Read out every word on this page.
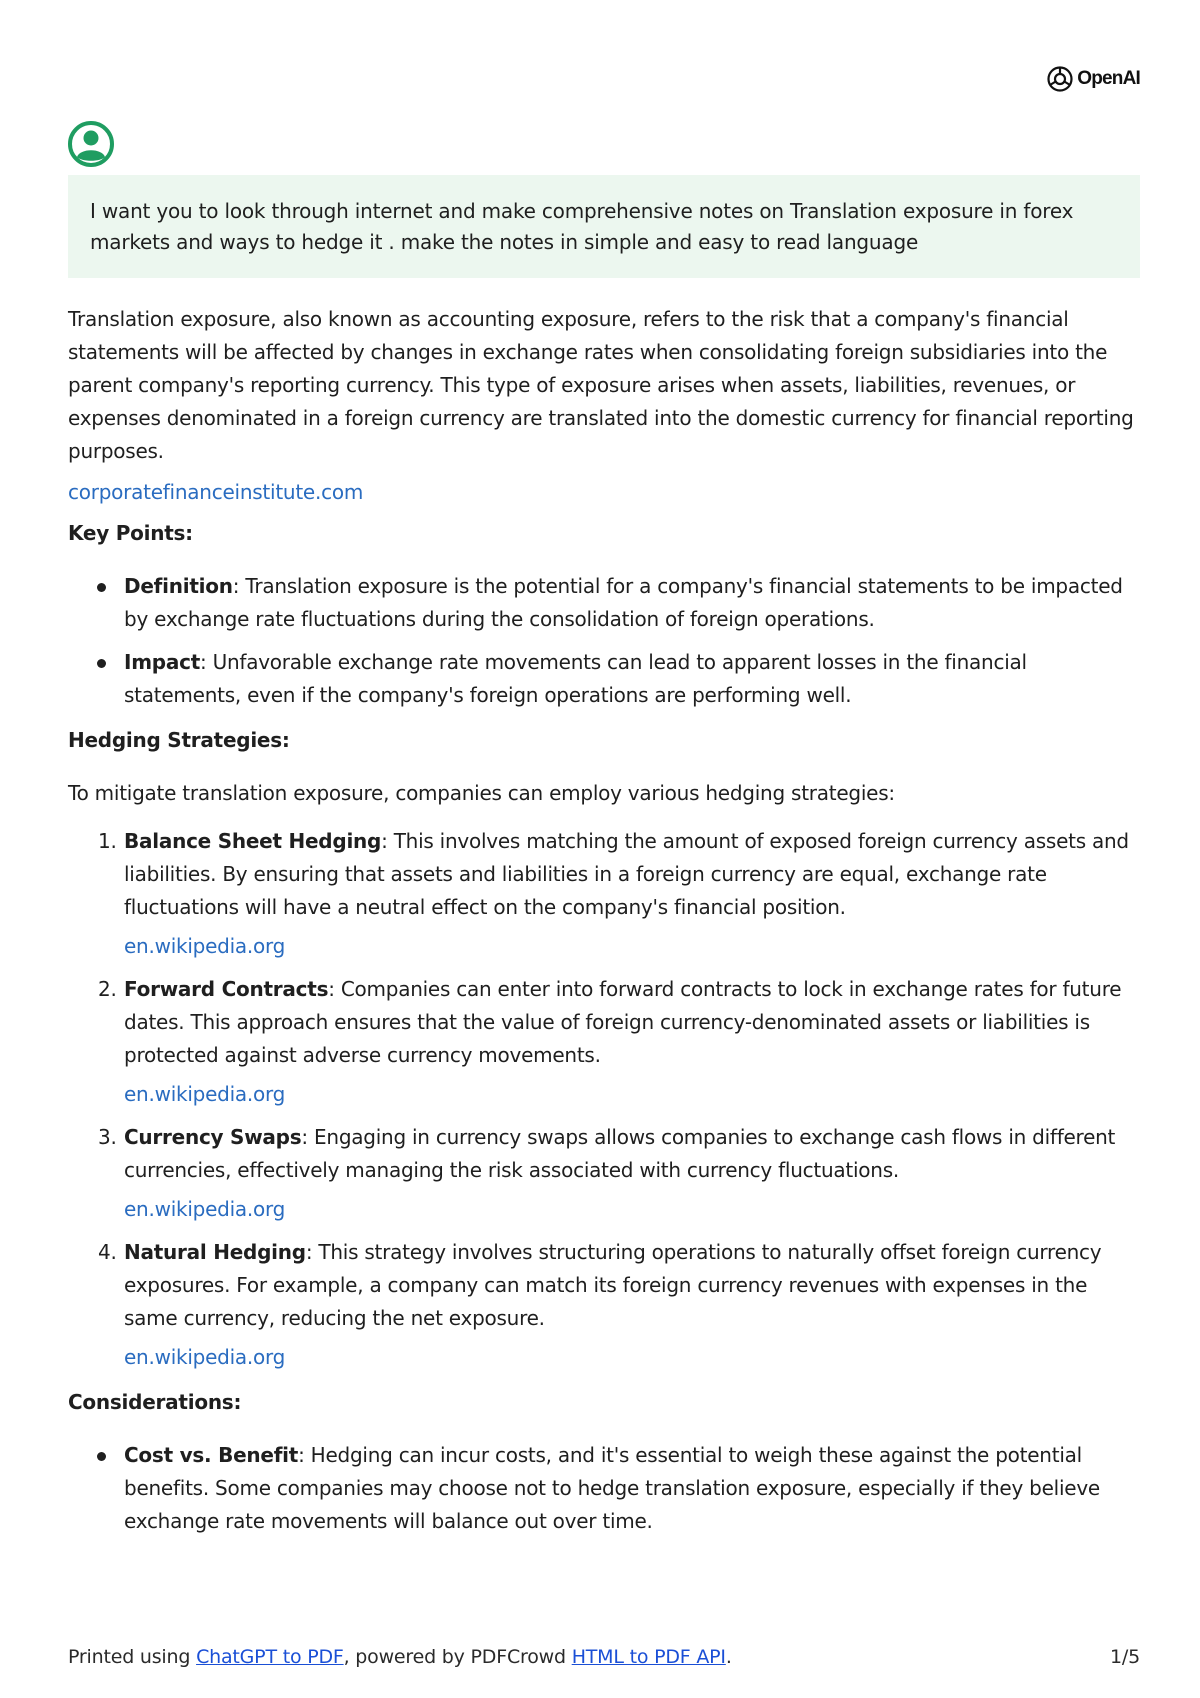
OpenAI
I want you to look through internet and make comprehensive notes on Translation exposure in forex markets and ways to hedge it . make the notes in simple and easy to read language

Translation exposure, also known as accounting exposure, refers to the risk that a company's financial statements will be affected by changes in exchange rates when consolidating foreign subsidiaries into the parent company's reporting currency. This type of exposure arises when assets, liabilities, revenues, or expenses denominated in a foreign currency are translated into the domestic currency for financial reporting purposes.

corporatefinanceinstitute.com

Key Points:

Definition: Translation exposure is the potential for a company's financial statements to be impacted by exchange rate fluctuations during the consolidation of foreign operations.
Impact: Unfavorable exchange rate movements can lead to apparent losses in the financial statements, even if the company's foreign operations are performing well.

Hedging Strategies:

To mitigate translation exposure, companies can employ various hedging strategies:

1. Balance Sheet Hedging: This involves matching the amount of exposed foreign currency assets and liabilities. By ensuring that assets and liabilities in a foreign currency are equal, exchange rate fluctuations will have a neutral effect on the company's financial position.
en.wikipedia.org
2. Forward Contracts: Companies can enter into forward contracts to lock in exchange rates for future dates. This approach ensures that the value of foreign currency-denominated assets or liabilities is protected against adverse currency movements.
en.wikipedia.org
3. Currency Swaps: Engaging in currency swaps allows companies to exchange cash flows in different currencies, effectively managing the risk associated with currency fluctuations.
en.wikipedia.org
4. Natural Hedging: This strategy involves structuring operations to naturally offset foreign currency exposures. For example, a company can match its foreign currency revenues with expenses in the same currency, reducing the net exposure.
en.wikipedia.org

Considerations:

Cost vs. Benefit: Hedging can incur costs, and it's essential to weigh these against the potential benefits. Some companies may choose not to hedge translation exposure, especially if they believe exchange rate movements will balance out over time.
Printed using ChatGPT to PDF, powered by PDFCrowd HTML to PDF API.	1/5
